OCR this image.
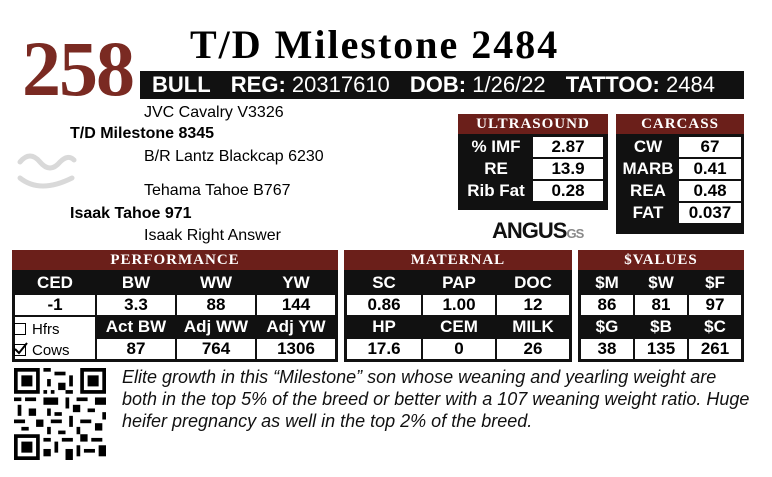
258 T/D Milestone 2484
BULL REG: 20317610 DOB: 1/26/22 TATTOO: 2484
JVC Cavalry V3326
T/D Milestone 8345
B/R Lantz Blackcap 6230
Tehama Tahoe B767
Isaak Tahoe 971
Isaak Right Answer
ULTRASOUND
% IMF	2.87
RE	13.9
Rib Fat	0.28
CARCASS
CW	67
MARB	0.41
REA	0.48
FAT	0.037
ANGUSGS
PERFORMANCE
CED	BW	WW	YW
-1	3.3	88	144
Act BW	Adj WW	Adj YW
87	764	1306
Hfrs
Cows
MATERNAL
SC	PAP	DOC
0.86	1.00	12
HP	CEM	MILK
17.6	0	26
$VALUES
$M	$W	$F
86	81	97
$G	$B	$C
38	135	261
Elite growth in this “Milestone” son whose weaning and yearling weight are both in the top 5% of the breed or better with a 107 weaning weight ratio. Huge heifer pregnancy as well in the top 2% of the breed.
